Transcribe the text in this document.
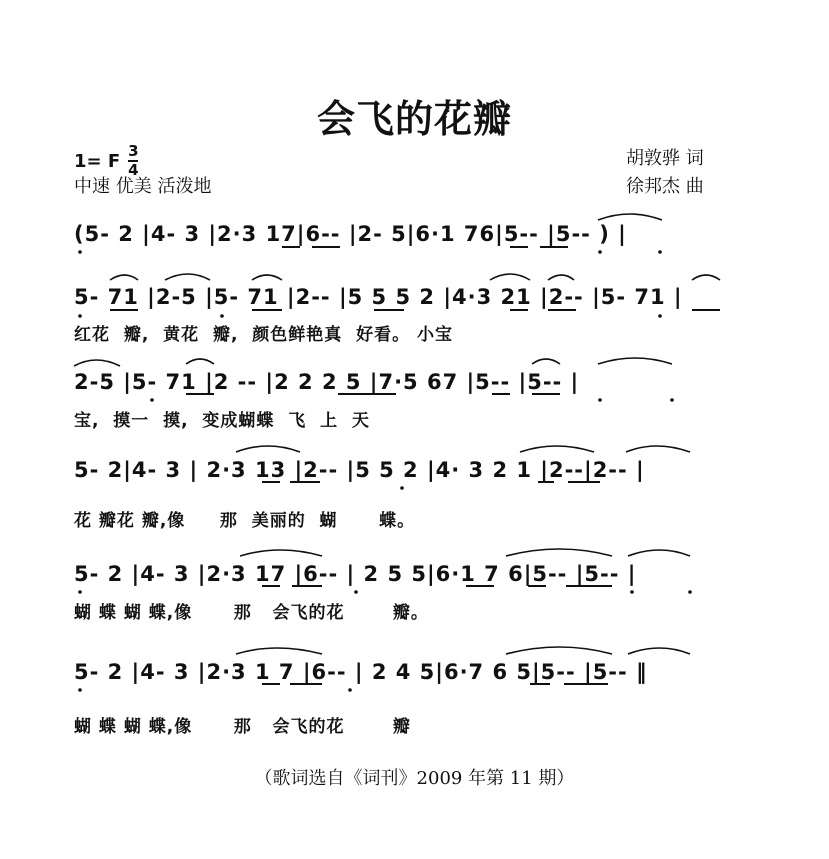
会飞的花瓣
1= F $\frac{3}{4}$
中速 优美 活泼地
胡敦骅 词
徐邦杰 曲
(5- 2 |4- 3 |2·3 17|6-- |2- 5|6·1 76|5-- |5-- ) |
5- 71 |2-5 |5- 71 |2-- |5 5 5 2 |4·3 21 |2-- |5- 71 |
红花  瓣,  黄花  瓣,  颜色鲜艳真  好看。 小宝
2-5 |5- 71 |2 -- |2 2 2 5 |7·5 67 |5-- |5-- |
宝,  摸一  摸,  变成蝴蝶  飞  上  天
5- 2|4- 3 | 2·3 13 |2-- |5 5 2 |4· 3 2 1 |2--|2-- |
花 瓣花 瓣,像     那  美丽的  蝴      蝶。
5- 2 |4- 3 |2·3 17 |6-- | 2 5 5|6·1 7 6|5-- |5-- |
蝴 蝶 蝴 蝶,像      那   会飞的花       瓣。
5- 2 |4- 3 |2·3 1 7 |6-- | 2 4 5|6·7 6 5|5-- |5-- ‖
蝴 蝶 蝴 蝶,像      那   会飞的花       瓣
（歌词选自《词刊》2009 年第 11 期）
